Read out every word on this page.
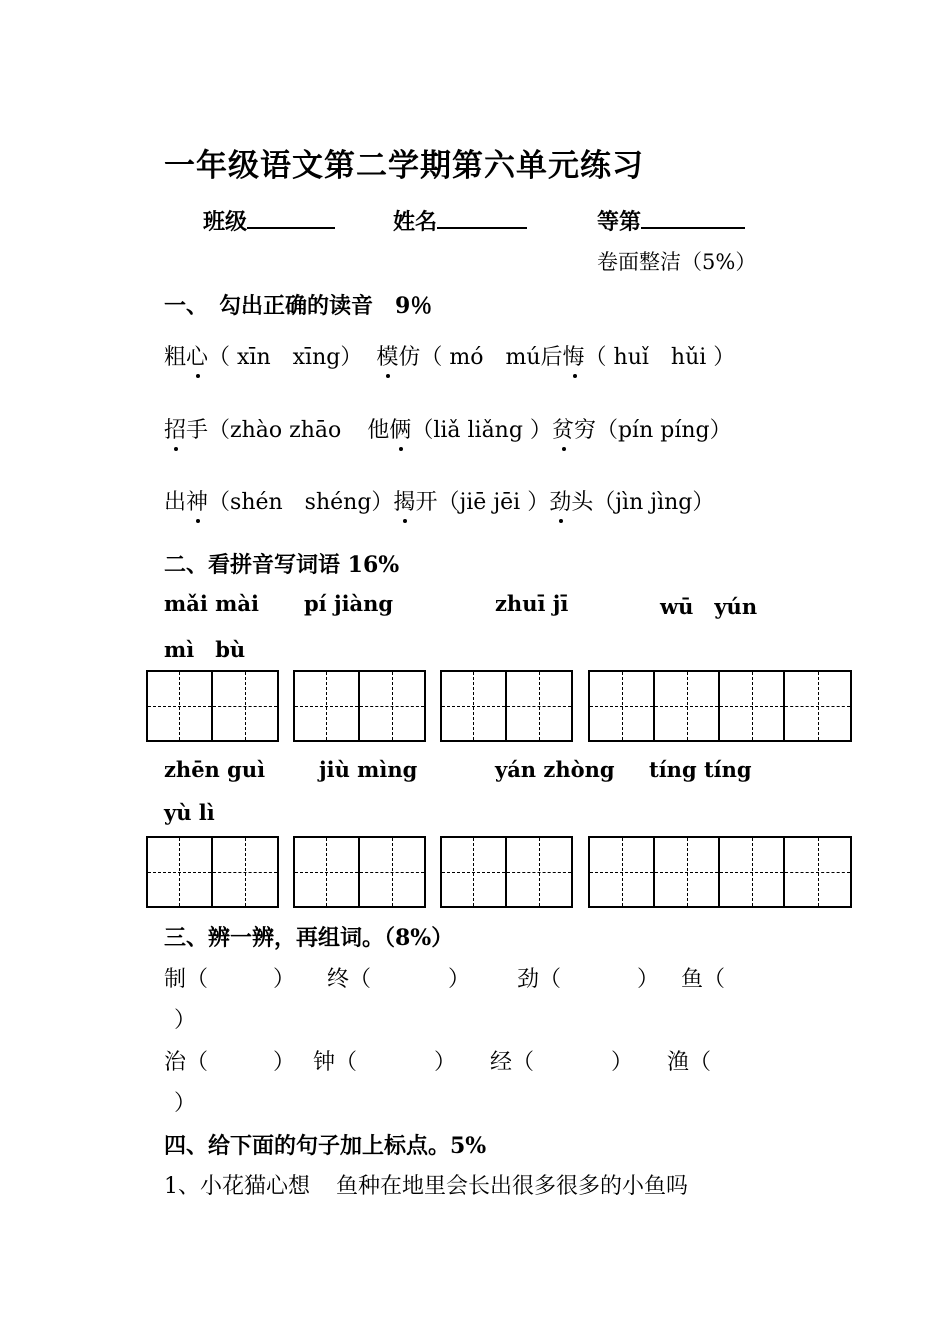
一年级语文第二学期第六单元练习
班级	姓名	等第
卷面整洁（5%）
一、　勾出正确的读音　9％
粗心
（ xīn　xīng） 模
仿（ mó　mú后悔
（ huǐ　hǔi ）
招
手（zhào zhāo 他俩
（liǎ liǎng ）贫
穷（pín píng）
出神
（shén　shéng）揭
开（jiē jēi ）劲
头（jìn jìng）
二、看拼音写词语 16%
mǎi mài pí jiàng	zhuī jī	wū　yún
mì　bù
zhēn guì	jiù mìng	yán zhòng tíng tíng
yù lì
三、辨一辨，再组词。（8%）
制（	） 终（	） 劲（	） 鱼（
）
治（	） 钟（	） 经（	） 渔（
）
四、给下面的句子加上标点。5%
1、小花猫心想 鱼种在地里会长出很多很多的小鱼吗
